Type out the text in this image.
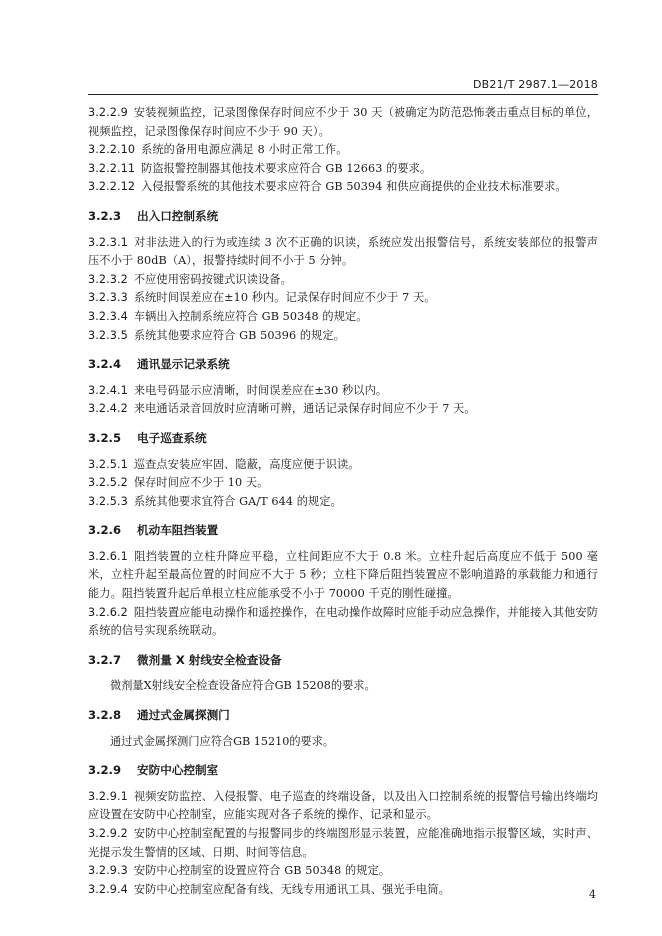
DB21/T 2987.1—2018

3.2.2.9 安装视频监控，记录图像保存时间应不少于 30 天（被确定为防范恐怖袭击重点目标的单位，视频监控，记录图像保存时间应不少于 90 天）。

3.2.2.10 系统的备用电源应满足 8 小时正常工作。

3.2.2.11 防盗报警控制器其他技术要求应符合 GB 12663 的要求。

3.2.2.12 入侵报警系统的其他技术要求应符合 GB 50394 和供应商提供的企业技术标准要求。

3.2.3 出入口控制系统

3.2.3.1 对非法进入的行为或连续 3 次不正确的识读，系统应发出报警信号，系统安装部位的报警声压不小于 80dB（A），报警持续时间不小于 5 分钟。

3.2.3.2 不应使用密码按键式识读设备。

3.2.3.3 系统时间误差应在±10 秒内。记录保存时间应不少于 7 天。

3.2.3.4 车辆出入控制系统应符合 GB 50348 的规定。

3.2.3.5 系统其他要求应符合 GB 50396 的规定。

3.2.4 通讯显示记录系统

3.2.4.1 来电号码显示应清晰，时间误差应在±30 秒以内。

3.2.4.2 来电通话录音回放时应清晰可辨，通话记录保存时间应不少于 7 天。

3.2.5 电子巡查系统

3.2.5.1 巡查点安装应牢固、隐蔽，高度应便于识读。

3.2.5.2 保存时间应不少于 10 天。

3.2.5.3 系统其他要求宜符合 GA/T 644 的规定。

3.2.6 机动车阻挡装置

3.2.6.1 阻挡装置的立柱升降应平稳，立柱间距应不大于 0.8 米。立柱升起后高度应不低于 500 毫米，立柱升起至最高位置的时间应不大于 5 秒；立柱下降后阻挡装置应不影响道路的承载能力和通行能力。阻挡装置升起后单根立柱应能承受不小于 70000 千克的刚性碰撞。

3.2.6.2 阻挡装置应能电动操作和遥控操作，在电动操作故障时应能手动应急操作，并能接入其他安防系统的信号实现系统联动。

3.2.7 微剂量 X 射线安全检查设备

微剂量X射线安全检查设备应符合GB 15208的要求。

3.2.8 通过式金属探测门

通过式金属探测门应符合GB 15210的要求。

3.2.9 安防中心控制室

3.2.9.1 视频安防监控、入侵报警、电子巡查的终端设备，以及出入口控制系统的报警信号输出终端均应设置在安防中心控制室，应能实现对各子系统的操作、记录和显示。

3.2.9.2 安防中心控制室配置的与报警同步的终端图形显示装置，应能准确地指示报警区域，实时声、光提示发生警情的区域、日期、时间等信息。

3.2.9.3 安防中心控制室的设置应符合 GB 50348 的规定。

3.2.9.4 安防中心控制室应配备有线、无线专用通讯工具、强光手电筒。	4
